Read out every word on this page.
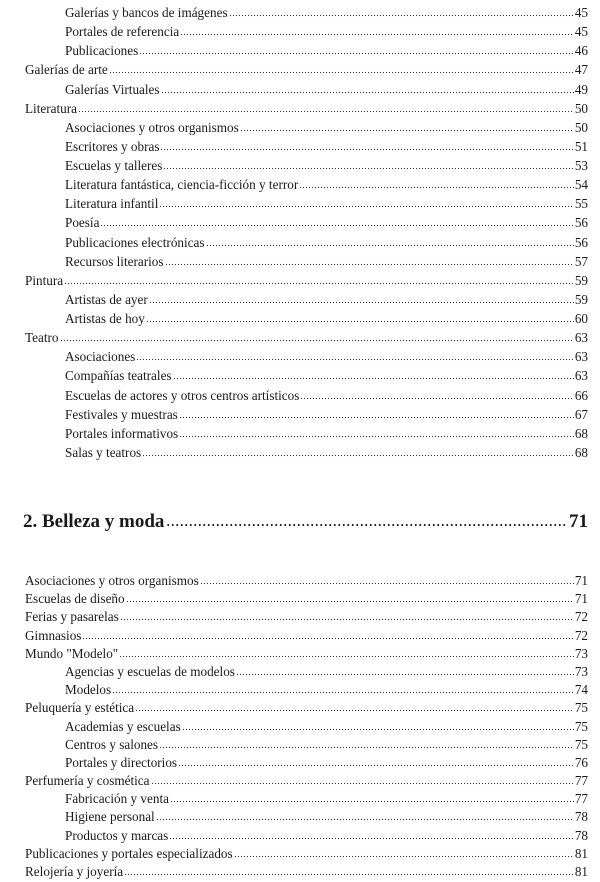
Galerías y bancos de imágenes	45
Portales de referencia	45
Publicaciones	46
Galerías de arte	47
Galerías Virtuales	49
Literatura	50
Asociaciones y otros organismos	50
Escritores y obras	51
Escuelas y talleres	53
Literatura fantástica, ciencia-ficción y terror	54
Literatura infantil	55
Poesía	56
Publicaciones electrónicas	56
Recursos literarios	57
Pintura	59
Artistas de ayer	59
Artistas de hoy	60
Teatro	63
Asociaciones	63
Compañías teatrales	63
Escuelas de actores y otros centros artísticos	66
Festivales y muestras	67
Portales informativos	68
Salas y teatros	68
2. Belleza y moda	71
Asociaciones y otros organismos	71
Escuelas de diseño	71
Ferias y pasarelas	72
Gimnasios	72
Mundo "Modelo"	73
Agencias y escuelas de modelos	73
Modelos	74
Peluquería y estética	75
Academias y escuelas	75
Centros y salones	75
Portales y directorios	76
Perfumería y cosmética	77
Fabricación y venta	77
Higiene personal	78
Productos y marcas	78
Publicaciones y portales especializados	81
Relojería y joyería	81
